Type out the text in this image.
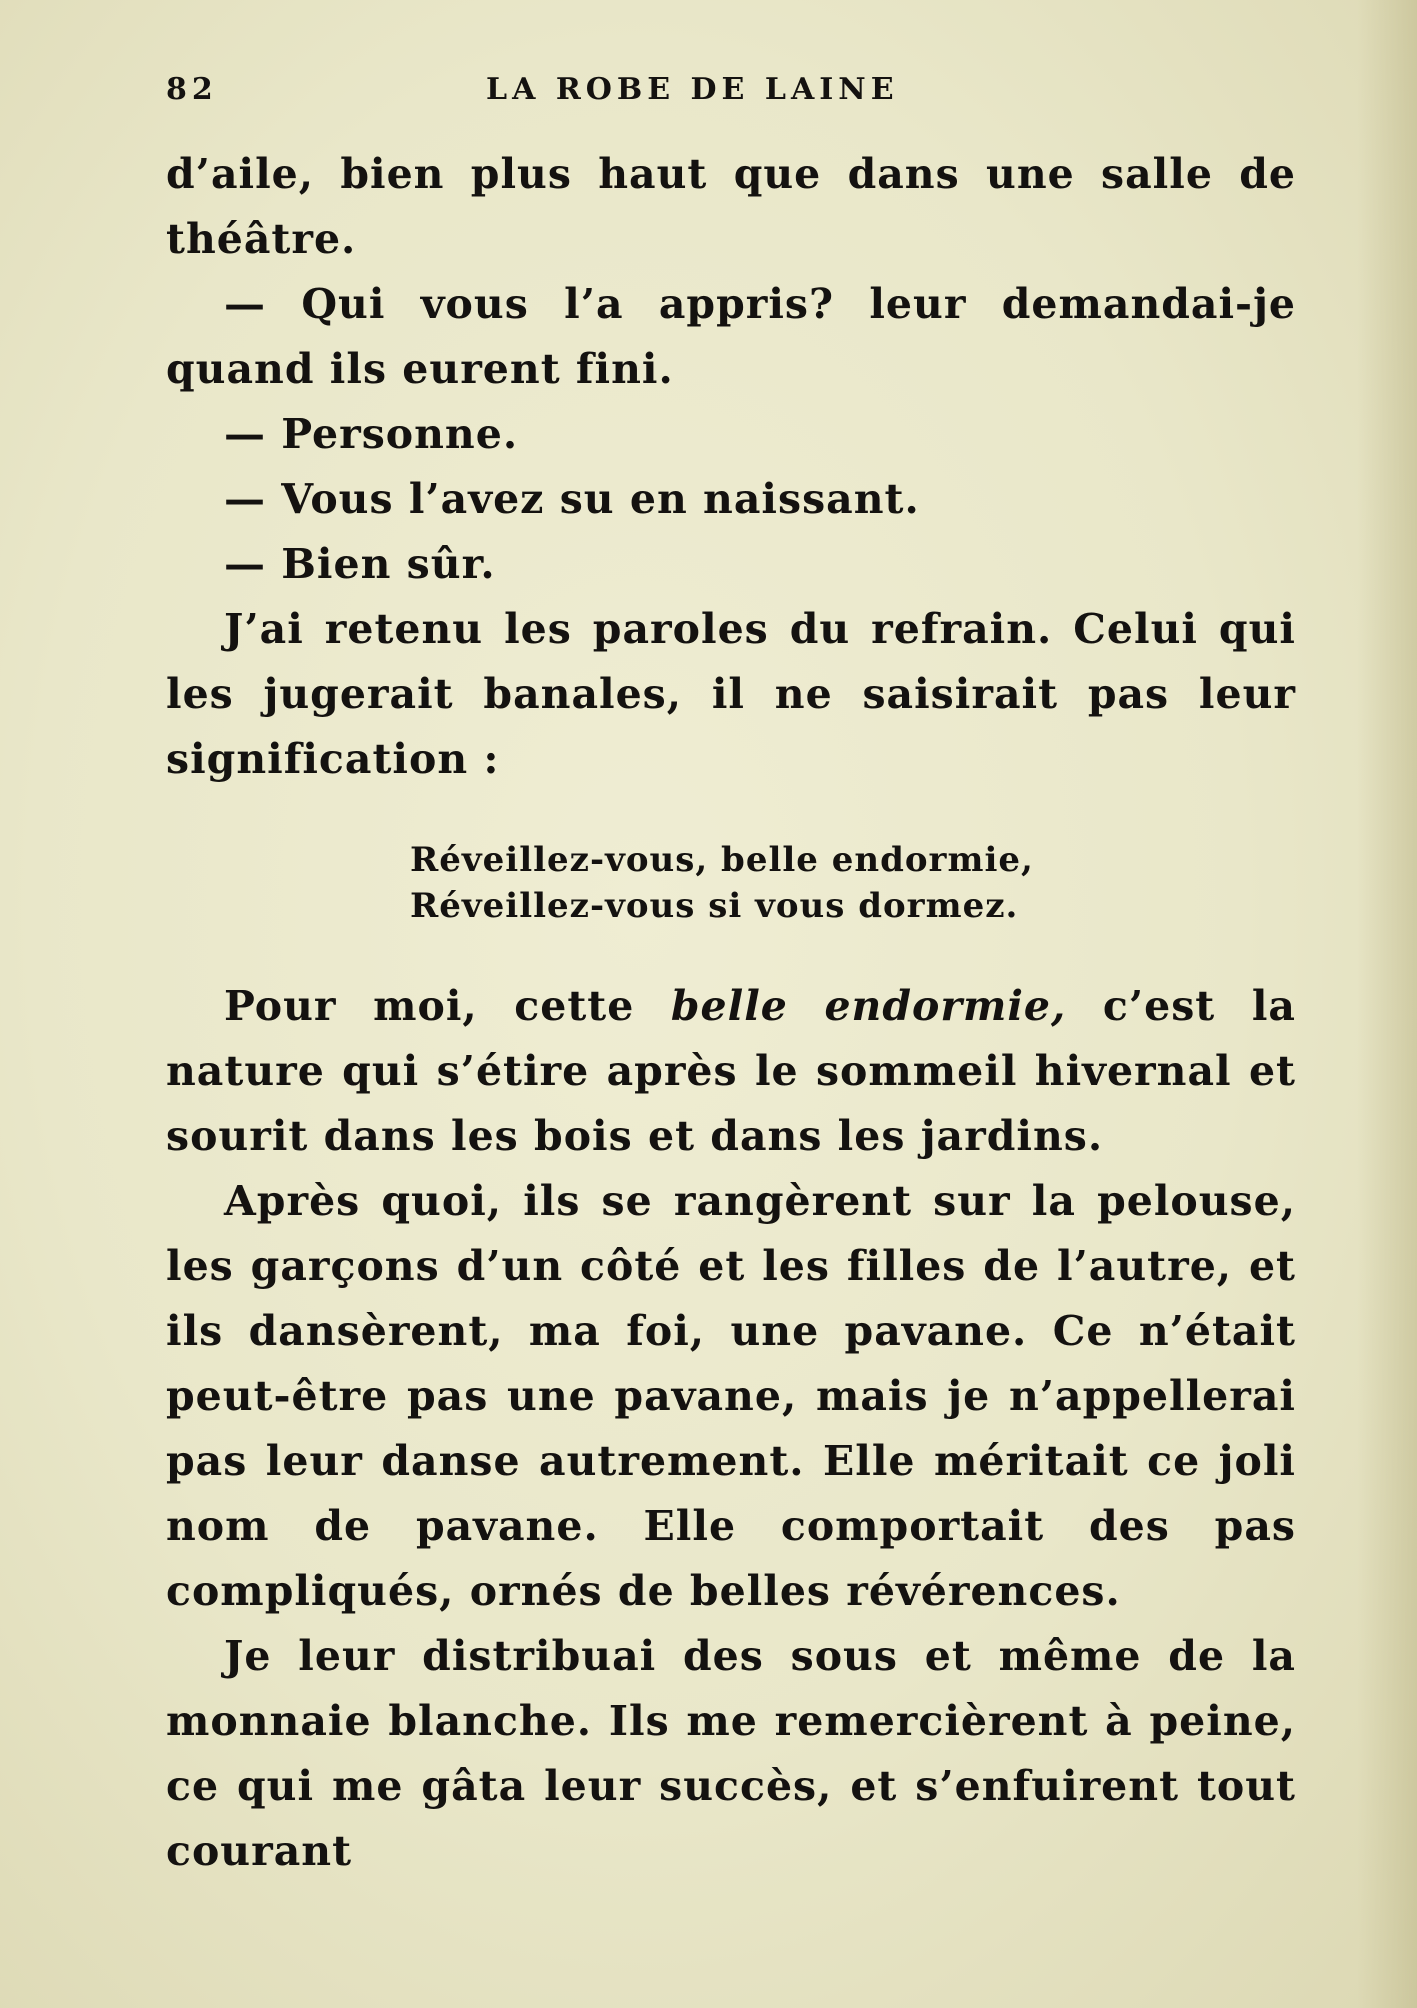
82	LA ROBE DE LAINE

d’aile, bien plus haut que dans une salle de théâtre.

— Qui vous l’a appris? leur demandai-je quand ils eurent fini.

— Personne.

— Vous l’avez su en naissant.

— Bien sûr.

J’ai retenu les paroles du refrain. Celui qui les jugerait banales, il ne saisirait pas leur signification :

Réveillez-vous, belle endormie,
Réveillez-vous si vous dormez.

Pour moi, cette belle endormie, c’est la nature qui s’étire après le sommeil hivernal et sourit dans les bois et dans les jardins.

Après quoi, ils se rangèrent sur la pelouse, les garçons d’un côté et les filles de l’autre, et ils dansèrent, ma foi, une pavane. Ce n’était peut-être pas une pavane, mais je n’appellerai pas leur danse autrement. Elle méritait ce joli nom de pavane. Elle comportait des pas compliqués, ornés de belles révérences.

Je leur distribuai des sous et même de la monnaie blanche. Ils me remercièrent à peine, ce qui me gâta leur succès, et s’enfuirent tout courant
